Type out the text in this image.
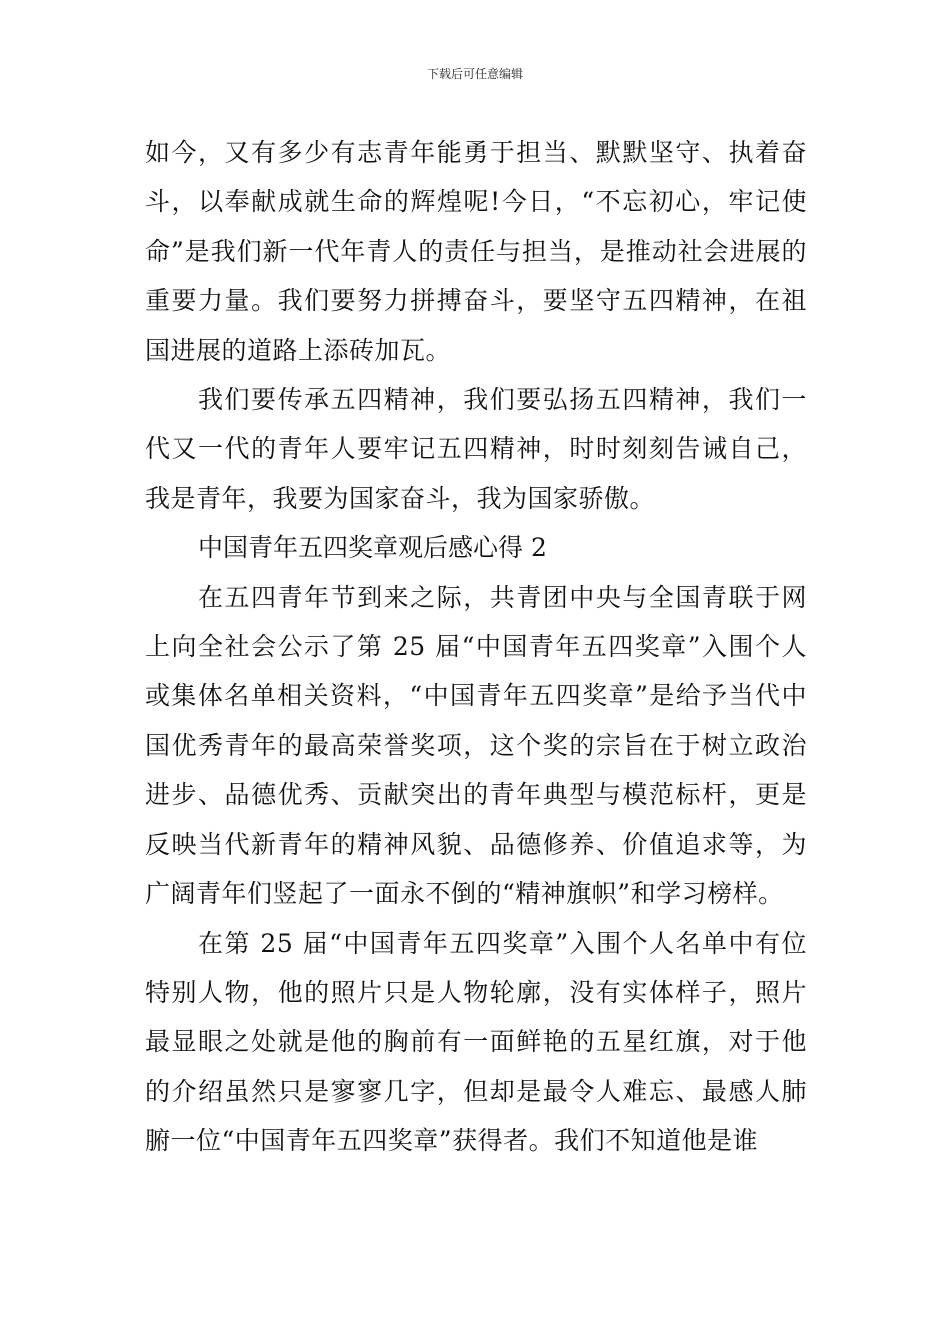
下载后可任意编辑

如今，又有多少有志青年能勇于担当、默默坚守、执着奋斗，以奉献成就生命的辉煌呢!今日，“不忘初心，牢记使命”是我们新一代年青人的责任与担当，是推动社会进展的重要力量。我们要努力拼搏奋斗，要坚守五四精神，在祖国进展的道路上添砖加瓦。

我们要传承五四精神，我们要弘扬五四精神，我们一代又一代的青年人要牢记五四精神，时时刻刻告诫自己，我是青年，我要为国家奋斗，我为国家骄傲。

中国青年五四奖章观后感心得 2

在五四青年节到来之际，共青团中央与全国青联于网上向全社会公示了第 25 届“中国青年五四奖章”入围个人或集体名单相关资料，“中国青年五四奖章”是给予当代中国优秀青年的最高荣誉奖项，这个奖的宗旨在于树立政治进步、品德优秀、贡献突出的青年典型与模范标杆，更是反映当代新青年的精神风貌、品德修养、价值追求等，为广阔青年们竖起了一面永不倒的“精神旗帜”和学习榜样。

在第 25 届“中国青年五四奖章”入围个人名单中有位特别人物，他的照片只是人物轮廓，没有实体样子，照片最显眼之处就是他的胸前有一面鲜艳的五星红旗，对于他的介绍虽然只是寥寥几字，但却是最令人难忘、最感人肺腑一位“中国青年五四奖章”获得者。我们不知道他是谁
